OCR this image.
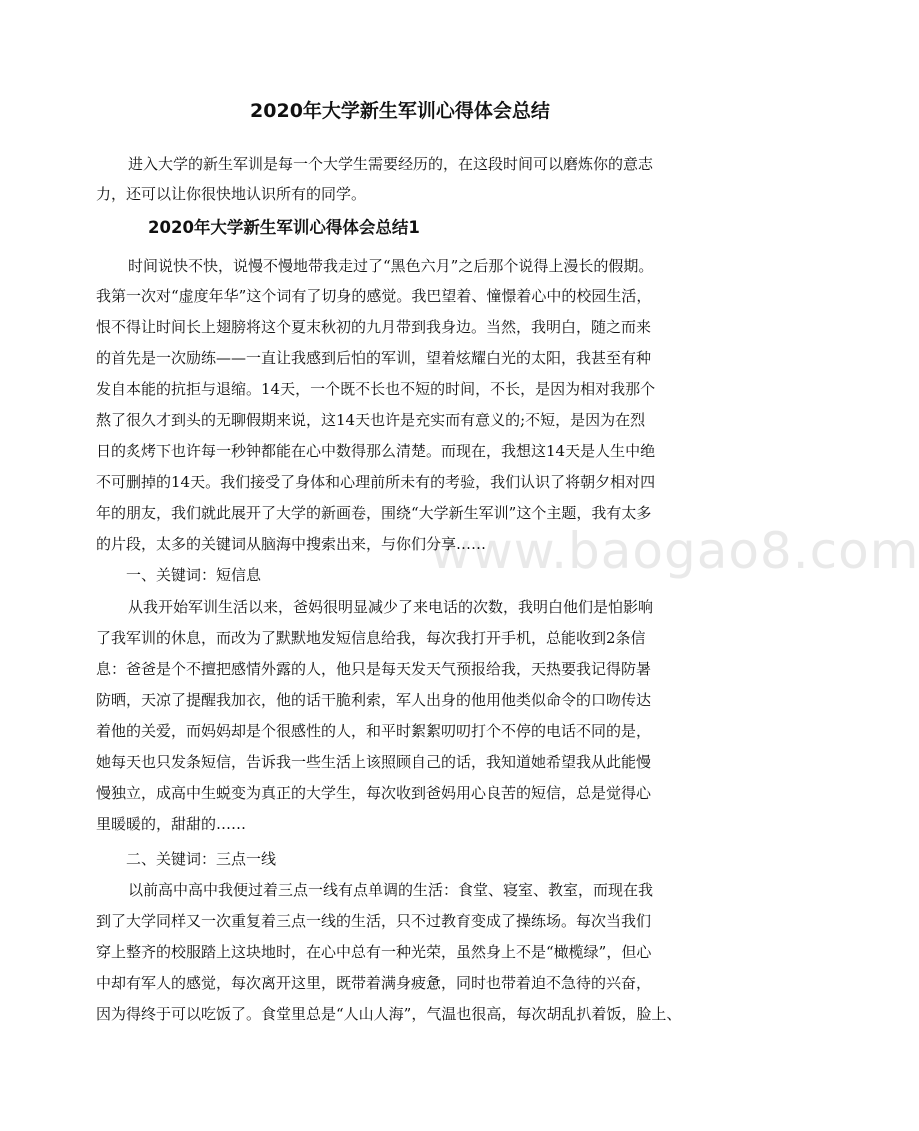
www.baogao8.com
2020年大学新生军训心得体会总结
进入大学的新生军训是每一个大学生需要经历的，在这段时间可以磨炼你的意志
力，还可以让你很快地认识所有的同学。
2020年大学新生军训心得体会总结1
时间说快不快，说慢不慢地带我走过了“黑色六月”之后那个说得上漫长的假期。
我第一次对“虚度年华”这个词有了切身的感觉。我巴望着、憧憬着心中的校园生活，
恨不得让时间长上翅膀将这个夏末秋初的九月带到我身边。当然，我明白，随之而来
的首先是一次励练——一直让我感到后怕的军训，望着炫耀白光的太阳，我甚至有种
发自本能的抗拒与退缩。14天，一个既不长也不短的时间，不长，是因为相对我那个
熬了很久才到头的无聊假期来说，这14天也许是充实而有意义的;不短，是因为在烈
日的炙烤下也许每一秒钟都能在心中数得那么清楚。而现在，我想这14天是人生中绝
不可删掉的14天。我们接受了身体和心理前所未有的考验，我们认识了将朝夕相对四
年的朋友，我们就此展开了大学的新画卷，围绕“大学新生军训”这个主题，我有太多
的片段，太多的关键词从脑海中搜索出来，与你们分享……
一、关键词：短信息
从我开始军训生活以来，爸妈很明显减少了来电话的次数，我明白他们是怕影响
了我军训的休息，而改为了默默地发短信息给我，每次我打开手机，总能收到2条信
息：爸爸是个不擅把感情外露的人，他只是每天发天气预报给我，天热要我记得防暑
防晒，天凉了提醒我加衣，他的话干脆利索，军人出身的他用他类似命令的口吻传达
着他的关爱，而妈妈却是个很感性的人，和平时絮絮叨叨打个不停的电话不同的是，
她每天也只发条短信，告诉我一些生活上该照顾自己的话，我知道她希望我从此能慢
慢独立，成高中生蜕变为真正的大学生，每次收到爸妈用心良苦的短信，总是觉得心
里暖暖的，甜甜的……
二、关键词：三点一线
以前高中高中我便过着三点一线有点单调的生活：食堂、寝室、教室，而现在我
到了大学同样又一次重复着三点一线的生活，只不过教育变成了操练场。每次当我们
穿上整齐的校服踏上这块地时，在心中总有一种光荣，虽然身上不是“橄榄绿”，但心
中却有军人的感觉，每次离开这里，既带着满身疲惫，同时也带着迫不急待的兴奋，
因为得终于可以吃饭了。食堂里总是“人山人海”，气温也很高，每次胡乱扒着饭，脸上、
